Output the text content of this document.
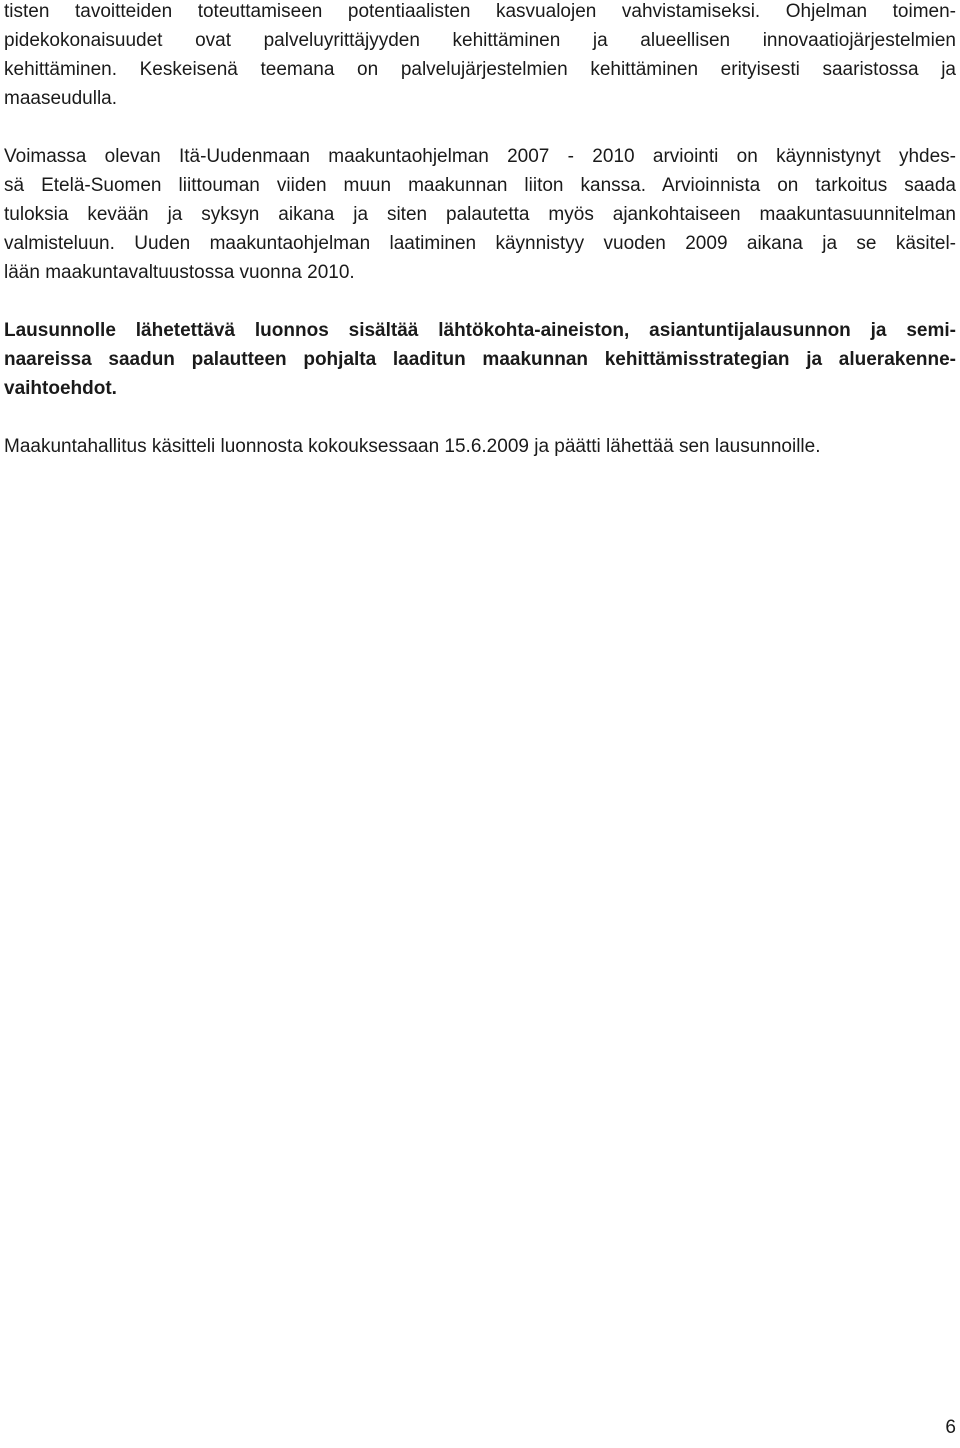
tisten tavoitteiden toteuttamiseen potentiaalisten kasvualojen vahvistamiseksi. Ohjelman toimen-
pidekokonaisuudet ovat palveluyrittäjyyden kehittäminen ja alueellisen innovaatiojärjestelmien
kehittäminen. Keskeisenä teemana on palvelujärjestelmien kehittäminen erityisesti saaristossa ja
maaseudulla.

Voimassa olevan Itä-Uudenmaan maakuntaohjelman 2007 - 2010 arviointi on käynnistynyt yhdes-
sä Etelä-Suomen liittouman viiden muun maakunnan liiton kanssa. Arvioinnista on tarkoitus saada
tuloksia kevään ja syksyn aikana ja siten palautetta myös ajankohtaiseen maakuntasuunnitelman
valmisteluun. Uuden maakuntaohjelman laatiminen käynnistyy vuoden 2009 aikana ja se käsitel-
lään maakuntavaltuustossa vuonna 2010.

Lausunnolle lähetettävä luonnos sisältää lähtökohta-aineiston, asiantuntijalausunnon ja semi-
naareissa saadun palautteen pohjalta laaditun maakunnan kehittämisstrategian ja aluerakenne-
vaihtoehdot.

Maakuntahallitus käsitteli luonnosta kokouksessaan 15.6.2009 ja päätti lähettää sen lausunnoille.

6
